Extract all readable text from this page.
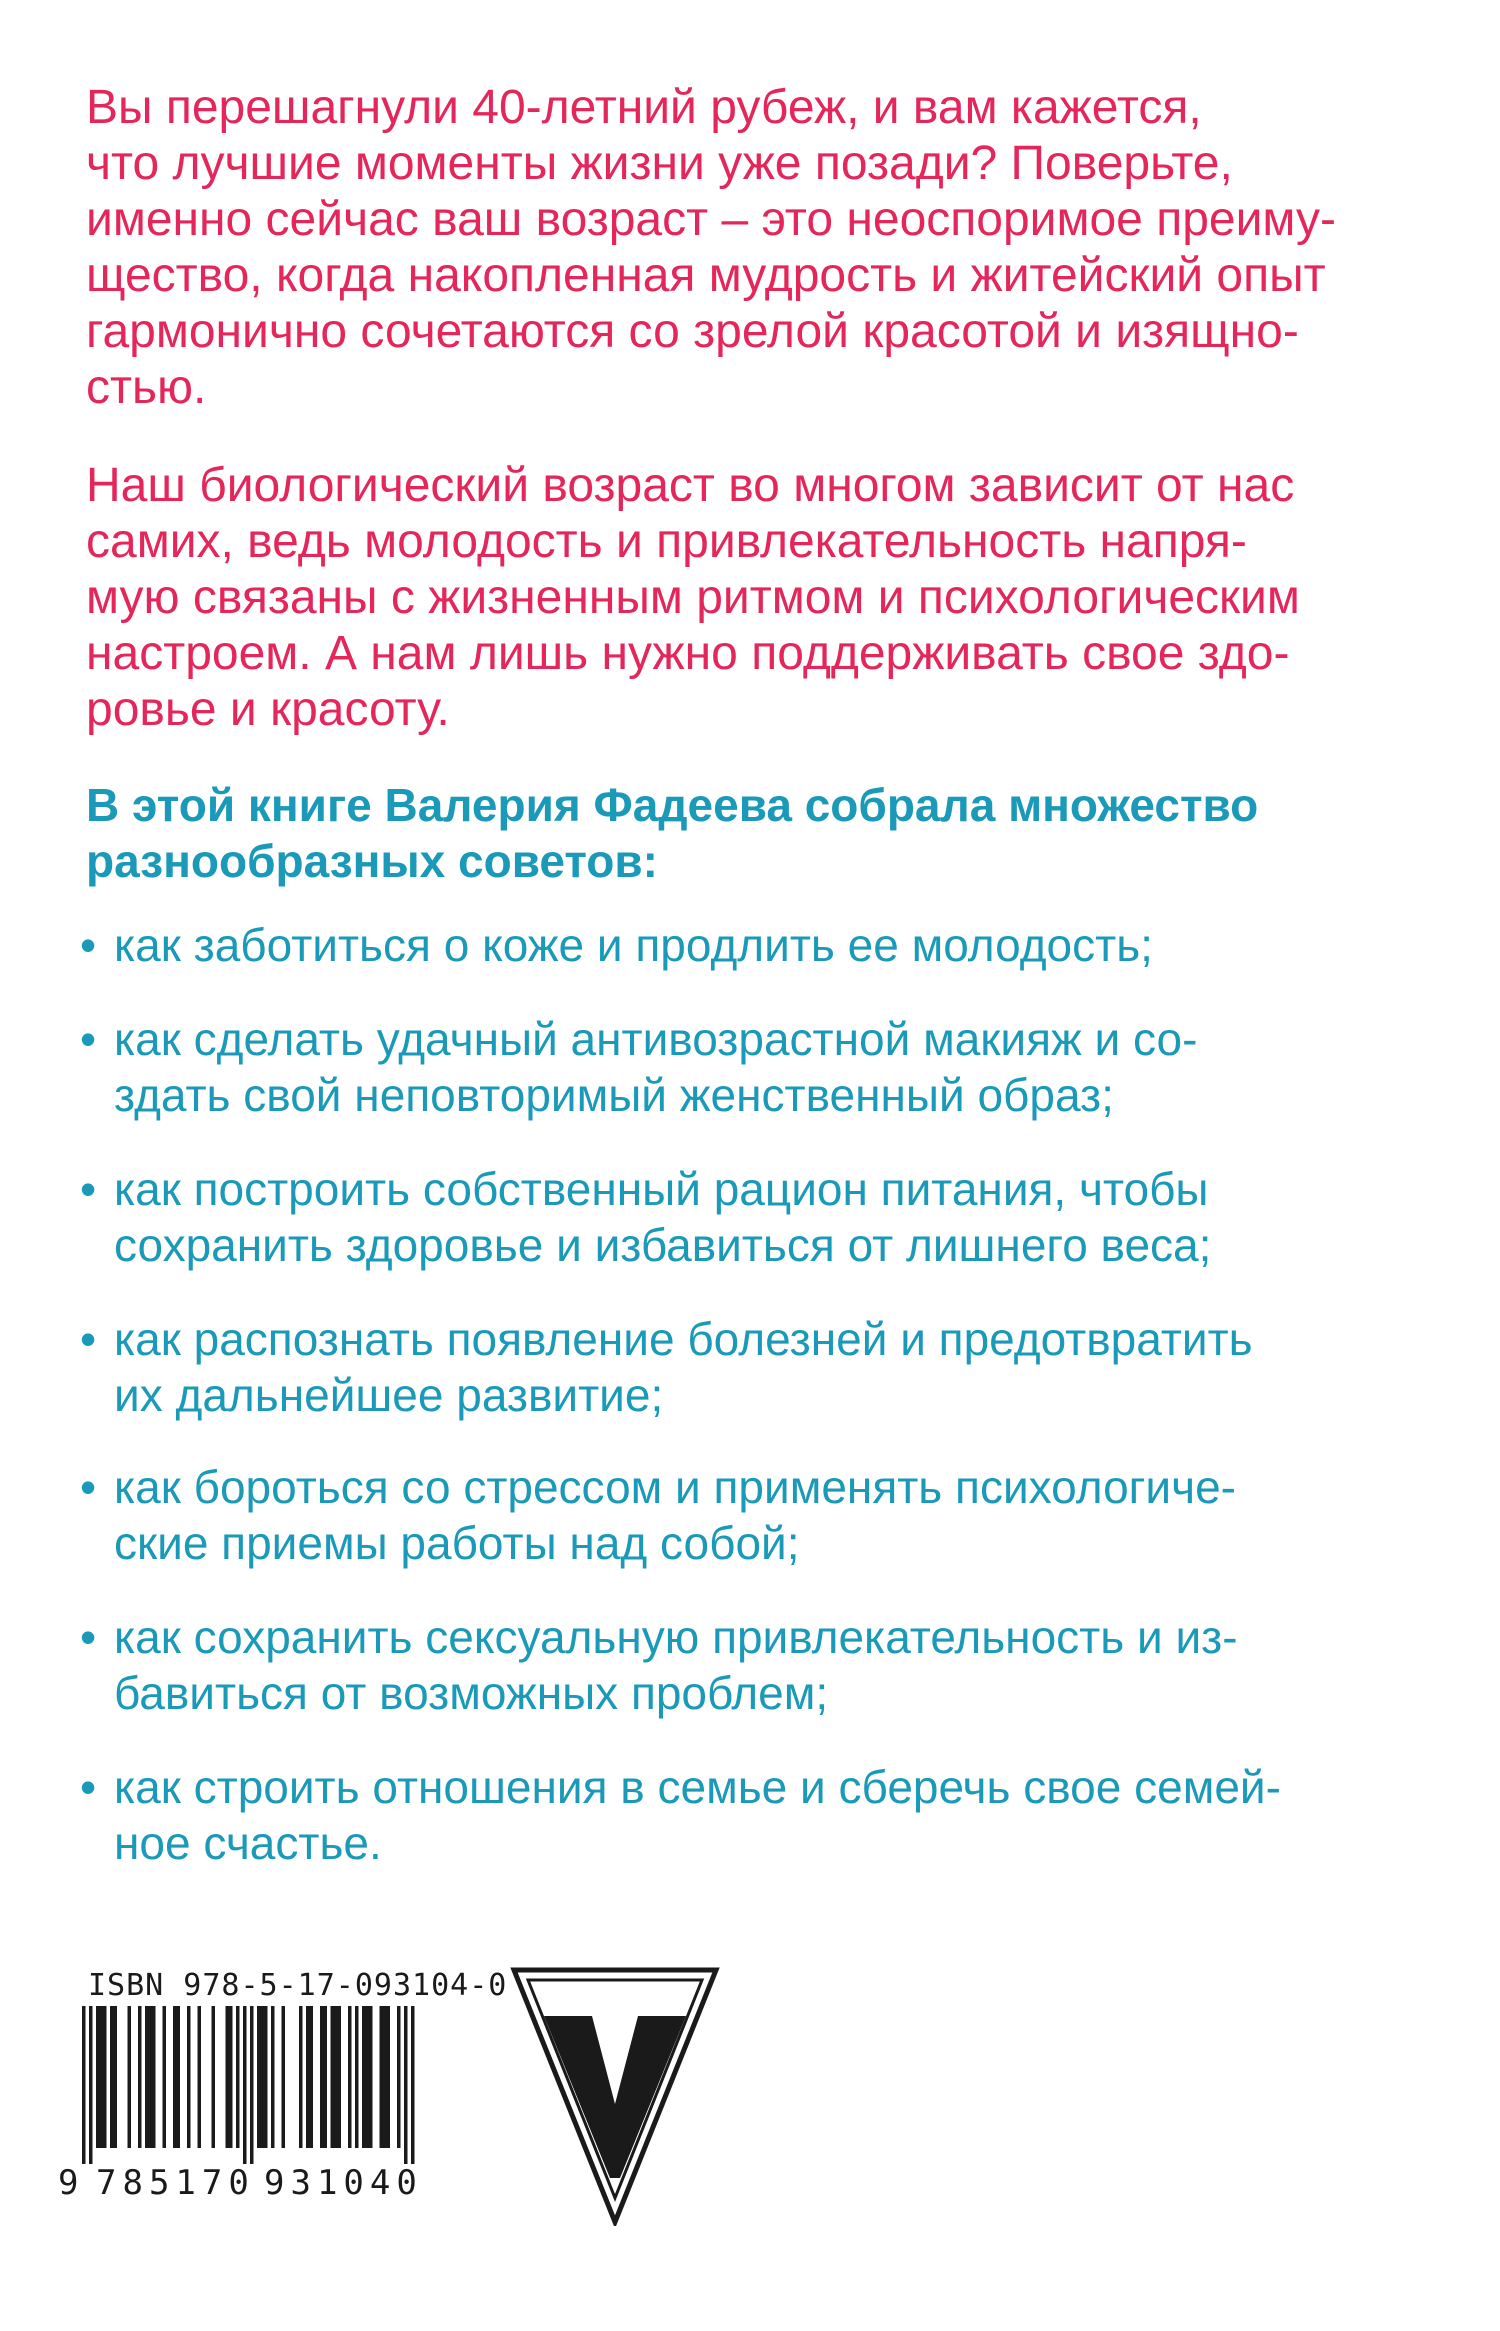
Вы перешагнули 40-летний рубеж, и вам кажется,
что лучшие моменты жизни уже позади? Поверьте,
именно сейчас ваш возраст – это неоспоримое преиму-
щество, когда накопленная мудрость и житейский опыт
гармонично сочетаются со зрелой красотой и изящно-
стью.

Наш биологический возраст во многом зависит от нас
самих, ведь молодость и привлекательность напря-
мую связаны с жизненным ритмом и психологическим
настроем. А нам лишь нужно поддерживать свое здо-
ровье и красоту.

В этой книге Валерия Фадеева собрала множество
разнообразных советов:

• как заботиться о коже и продлить ее молодость;
• как сделать удачный антивозрастной макияж и со-
здать свой неповторимый женственный образ;
• как построить собственный рацион питания, чтобы
сохранить здоровье и избавиться от лишнего веса;
• как распознать появление болезней и предотвратить
их дальнейшее развитие;
• как бороться со стрессом и применять психологиче-
ские приемы работы над собой;
• как сохранить сексуальную привлекательность и из-
бавиться от возможных проблем;
• как строить отношения в семье и сберечь свое семей-
ное счастье.
ISBN 978-5-17-093104-0
9 785170 931040
